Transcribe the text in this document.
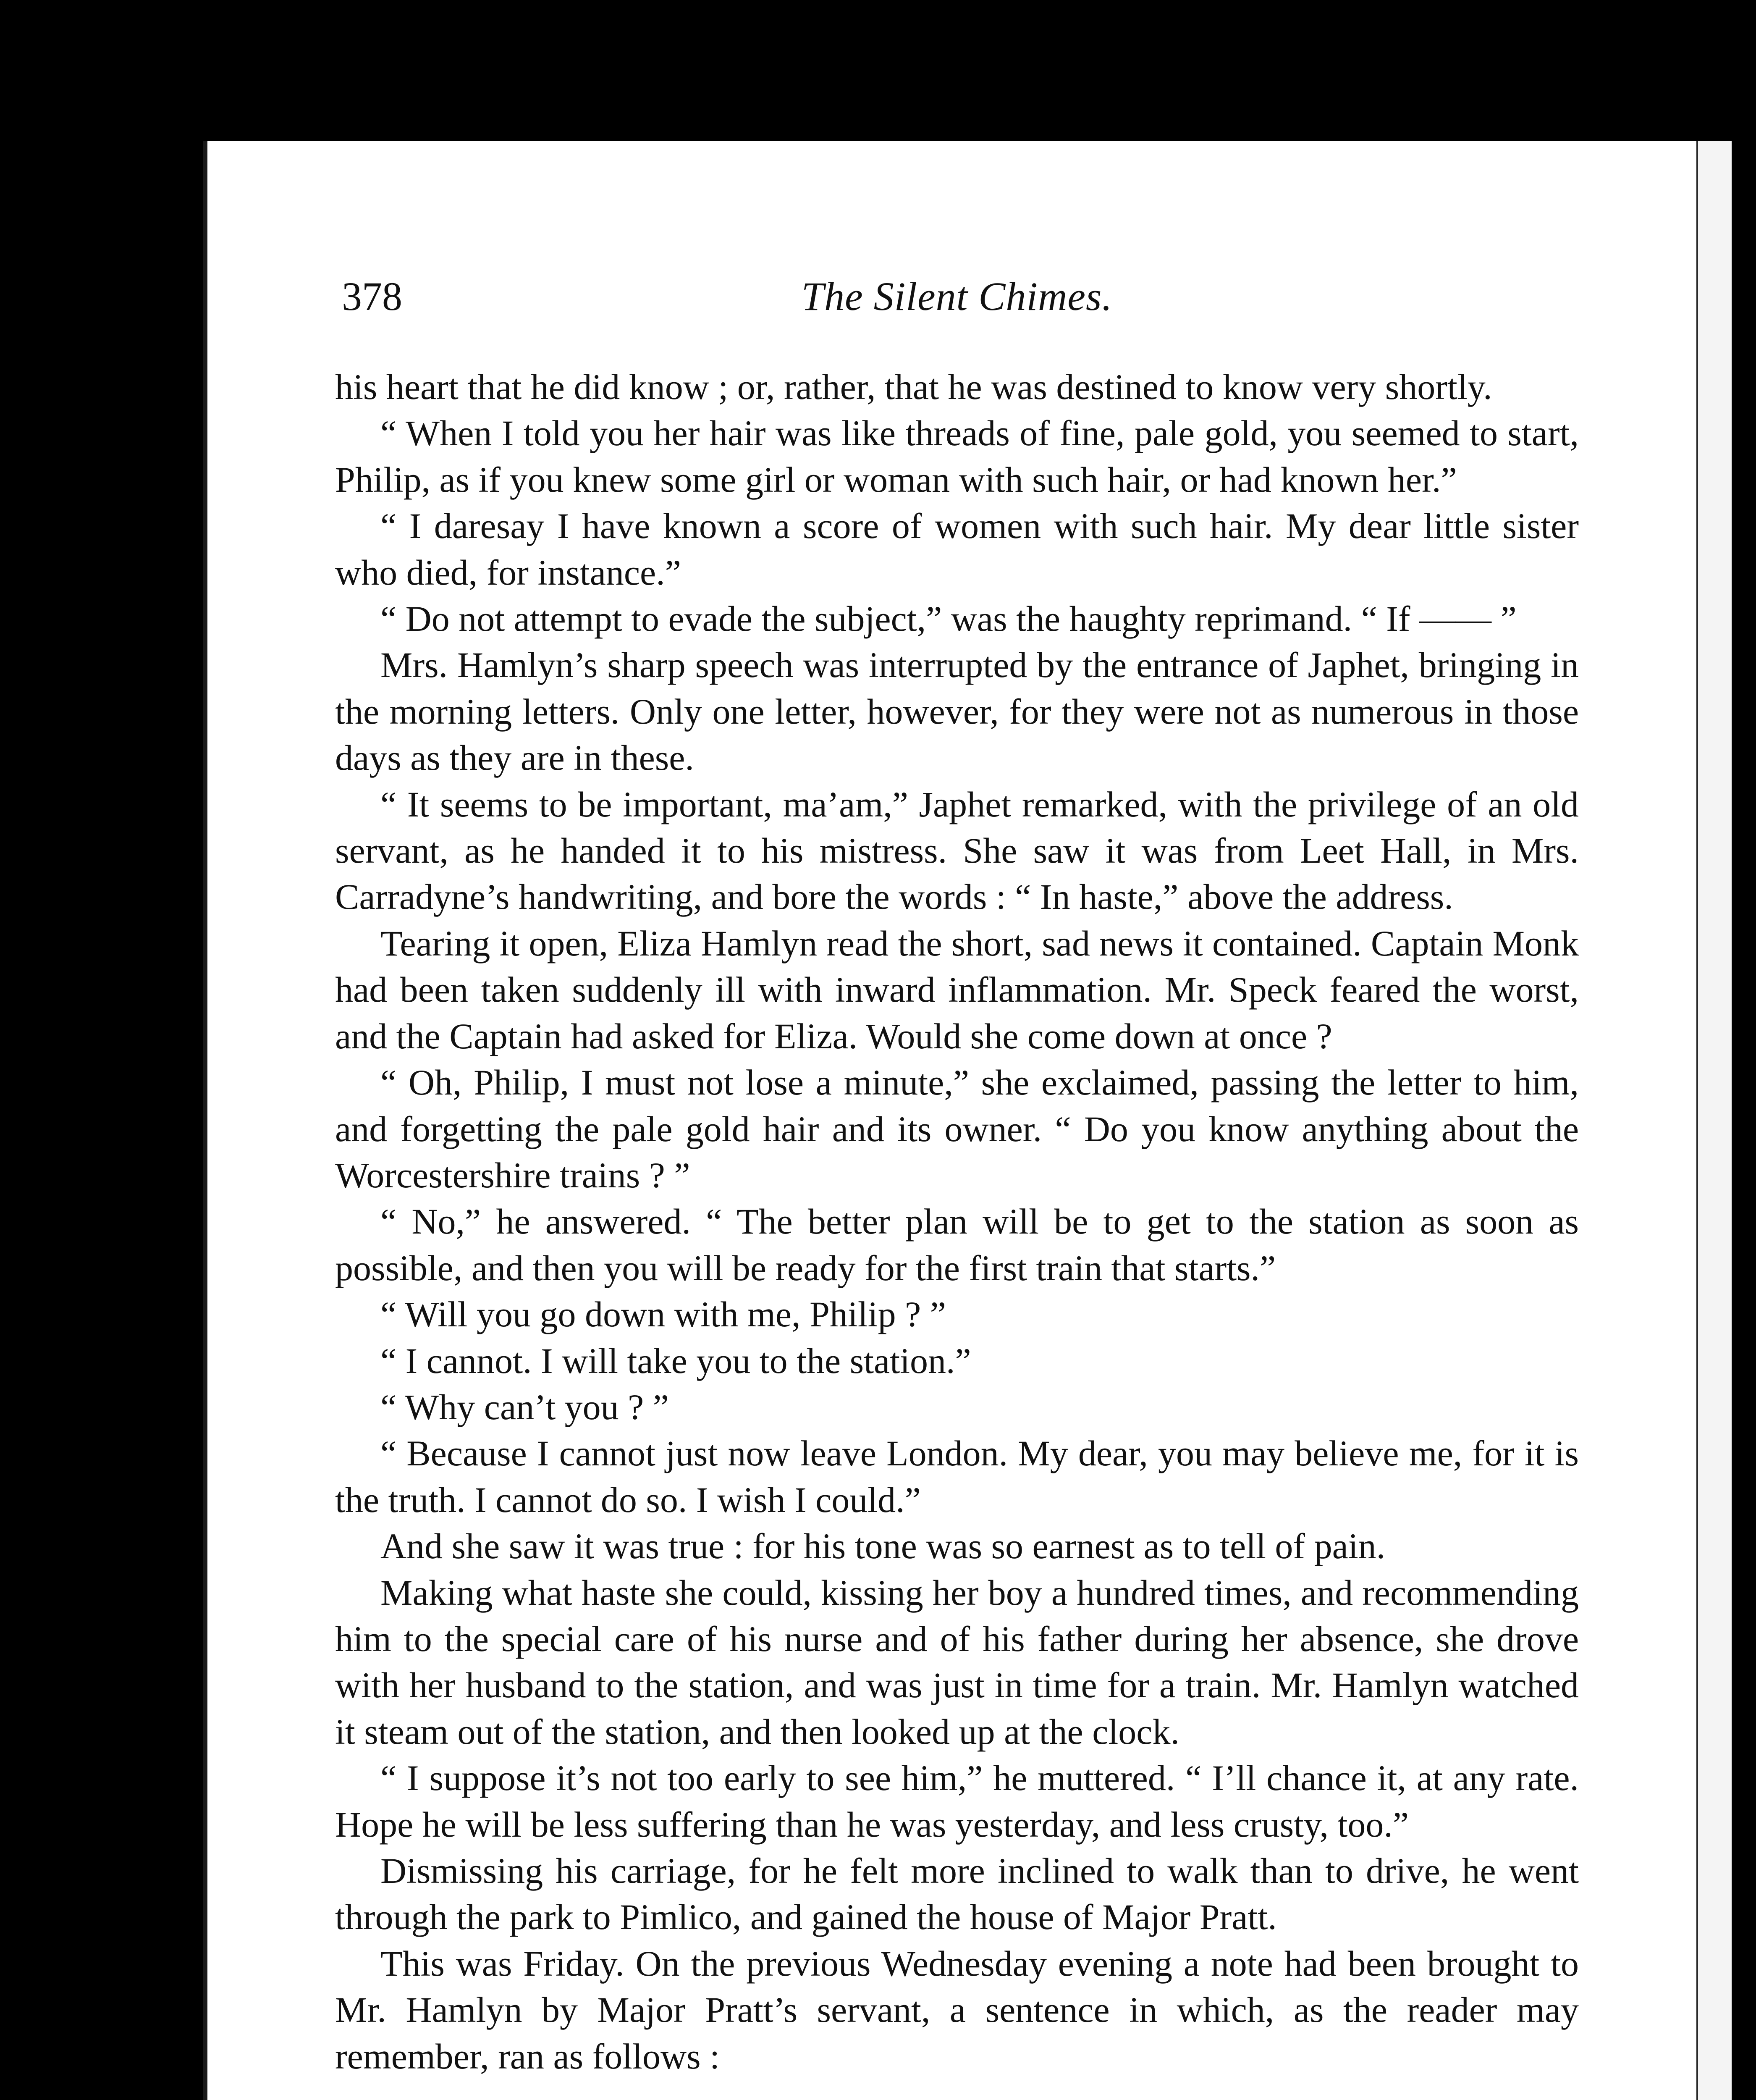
378	The Silent Chimes.

his heart that he did know ; or, rather, that he was destined to know very shortly.

“ When I told you her hair was like threads of fine, pale gold, you seemed to start, Philip, as if you knew some girl or woman with such hair, or had known her.”

“ I daresay I have known a score of women with such hair. My dear little sister who died, for instance.”

“ Do not attempt to evade the subject,” was the haughty reprimand. “ If —— ”

Mrs. Hamlyn’s sharp speech was interrupted by the entrance of Japhet, bringing in the morning letters. Only one letter, however, for they were not as numerous in those days as they are in these.

“ It seems to be important, ma’am,” Japhet remarked, with the privilege of an old servant, as he handed it to his mistress. She saw it was from Leet Hall, in Mrs. Carradyne’s handwriting, and bore the words : “ In haste,” above the address.

Tearing it open, Eliza Hamlyn read the short, sad news it contained. Captain Monk had been taken suddenly ill with inward inflammation. Mr. Speck feared the worst, and the Captain had asked for Eliza. Would she come down at once ?

“ Oh, Philip, I must not lose a minute,” she exclaimed, passing the letter to him, and forgetting the pale gold hair and its owner. “ Do you know anything about the Worcestershire trains ? ”

“ No,” he answered. “ The better plan will be to get to the station as soon as possible, and then you will be ready for the first train that starts.”

“ Will you go down with me, Philip ? ”

“ I cannot. I will take you to the station.”

“ Why can’t you ? ”

“ Because I cannot just now leave London. My dear, you may believe me, for it is the truth. I cannot do so. I wish I could.”

And she saw it was true : for his tone was so earnest as to tell of pain.

Making what haste she could, kissing her boy a hundred times, and recommending him to the special care of his nurse and of his father during her absence, she drove with her husband to the station, and was just in time for a train. Mr. Hamlyn watched it steam out of the station, and then looked up at the clock.

“ I suppose it’s not too early to see him,” he muttered. “ I’ll chance it, at any rate. Hope he will be less suffering than he was yesterday, and less crusty, too.”

Dismissing his carriage, for he felt more inclined to walk than to drive, he went through the park to Pimlico, and gained the house of Major Pratt.

This was Friday. On the previous Wednesday evening a note had been brought to Mr. Hamlyn by Major Pratt’s servant, a sentence in which, as the reader may remember, ran as follows :
